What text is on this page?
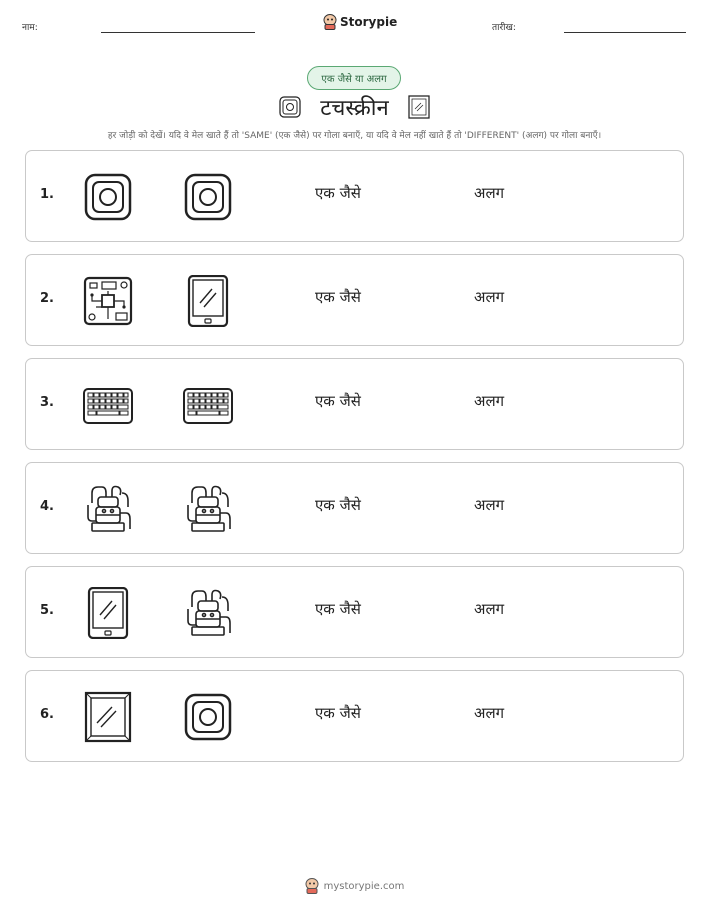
नाम:	Storypie	तारीख:
एक जैसे या अलग
टचस्क्रीन
हर जोड़ी को देखें। यदि वे मेल खाते हैं तो 'SAME' (एक जैसे) पर गोला बनाएँ, या यदि वे मेल नहीं खाते हैं तो 'DIFFERENT' (अलग) पर गोला बनाएँ।
1.	एक जैसे	अलग
2.	एक जैसे	अलग
3.	एक जैसे	अलग
4.	एक जैसे	अलग
5.	एक जैसे	अलग
6.	एक जैसे	अलग
mystorypie.com
